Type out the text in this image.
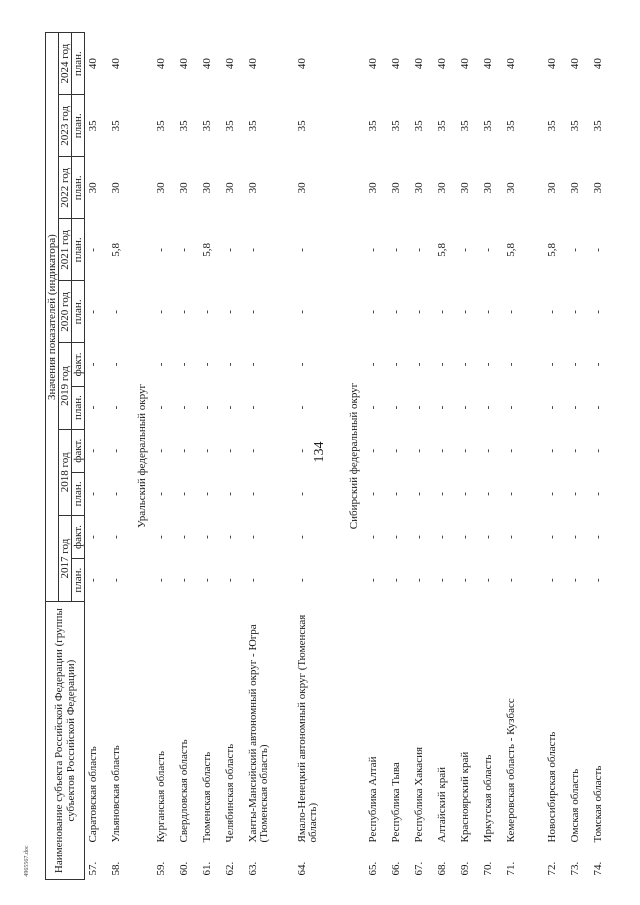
134
4965567.doc Наименование субъекта Российской Федерации (группы субъектов Российской Федерации)		Значения показателей (индикатора)										
		2017 год		2018 год		2019 год		2020 год	2021 год	2022 год	2023 год	2024 год
		план.	факт.	план.	факт.	план.	факт.	план.	план.	план.	план.	план.
57.	Саратовская область	-	-	-	-	-	-	-	-	30	35	40
58.	Ульяновская область	-	-	-	-	-	-	-	5,8	30	35	40
Уральский федеральный округ												
59.	Курганская область	-	-	-	-	-	-	-	-	30	35	40
60.	Свердловская область	-	-	-	-	-	-	-	-	30	35	40
61.	Тюменская область	-	-	-	-	-	-	-	5,8	30	35	40
62.	Челябинская область	-	-	-	-	-	-	-	-	30	35	40
63.	Ханты-Мансийский автономный округ - Югра (Тюменская область)	-	-	-	-	-	-	-	-	30	35	40
64.	Ямало-Ненецкий автономный округ (Тюменская область)	-	-	-	-	-	-	-	-	30	35	40
Сибирский федеральный округ												
65.	Республика Алтай	-	-	-	-	-	-	-	-	30	35	40
66.	Республика Тыва	-	-	-	-	-	-	-	-	30	35	40
67.	Республика Хакасия	-	-	-	-	-	-	-	-	30	35	40
68.	Алтайский край	-	-	-	-	-	-	-	5,8	30	35	40
69.	Красноярский край	-	-	-	-	-	-	-	-	30	35	40
70.	Иркутская область	-	-	-	-	-	-	-	-	30	35	40
71.	Кемеровская область - Кузбасс	-	-	-	-	-	-	-	5,8	30	35	40
72.	Новосибирская область	-	-	-	-	-	-	-	5,8	30	35	40
73.	Омская область	-	-	-	-	-	-	-	-	30	35	40
74.	Томская область	-	-	-	-	-	-	-	-	30	35	40
